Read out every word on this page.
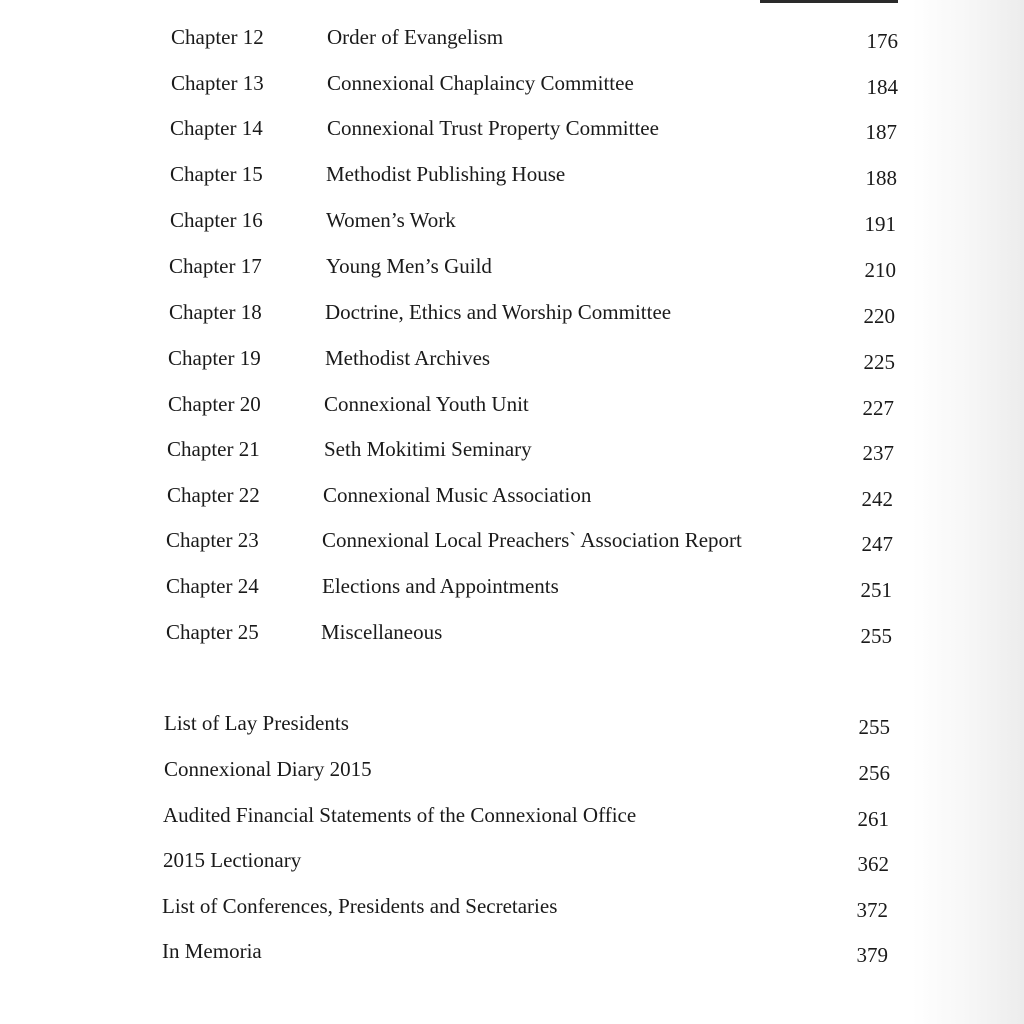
Chapter 12	Order of Evangelism	176
Chapter 13	Connexional Chaplaincy Committee	184
Chapter 14	Connexional Trust Property Committee	187
Chapter 15	Methodist Publishing House	188
Chapter 16	Women’s Work	191
Chapter 17	Young Men’s Guild	210
Chapter 18	Doctrine, Ethics and Worship Committee	220
Chapter 19	Methodist Archives	225
Chapter 20	Connexional Youth Unit	227
Chapter 21	Seth Mokitimi Seminary	237
Chapter 22	Connexional Music Association	242
Chapter 23	Connexional Local Preachers` Association Report	247
Chapter 24	Elections and Appointments	251
Chapter 25	Miscellaneous	255
List of Lay Presidents	255
Connexional Diary 2015	256
Audited Financial Statements of the Connexional Office	261
2015 Lectionary	362
List of Conferences, Presidents and Secretaries	372
In Memoria	379
